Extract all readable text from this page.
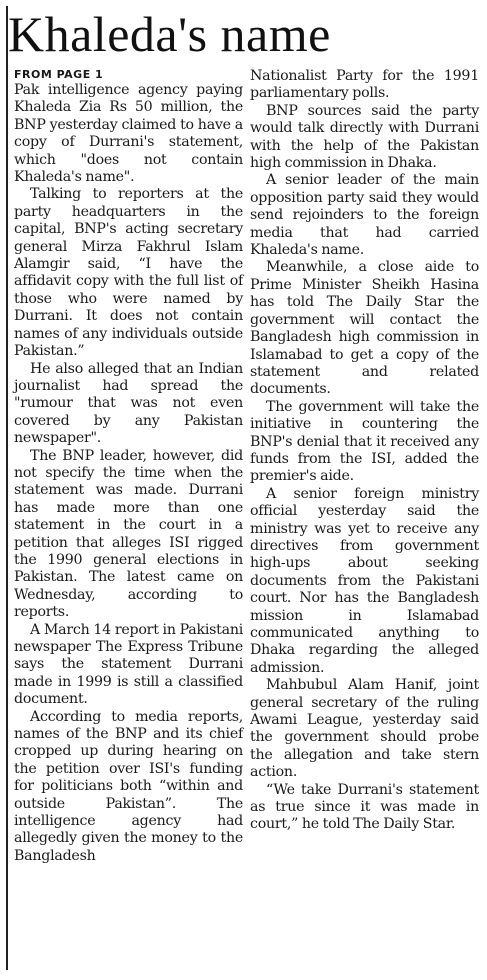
Khaleda's name
FROM PAGE 1

Pak intelligence agency paying Khaleda Zia Rs 50 million, the BNP yesterday claimed to have a copy of Durrani's statement, which "does not contain Khaleda's name".

Talking to reporters at the party headquarters in the capital, BNP's acting secretary general Mirza Fakhrul Islam Alamgir said, “I have the affidavit copy with the full list of those who were named by Durrani. It does not contain names of any individuals outside Pakistan.”

He also alleged that an Indian journalist had spread the "rumour that was not even covered by any Pakistan newspaper".

The BNP leader, however, did not specify the time when the statement was made. Durrani has made more than one statement in the court in a petition that alleges ISI rigged the 1990 general elections in Pakistan. The latest came on Wednesday, according to reports.

A March 14 report in Pakistani newspaper The Express Tribune says the statement Durrani made in 1999 is still a classified document.

According to media reports, names of the BNP and its chief cropped up during hearing on the petition over ISI's funding for politicians both “within and outside Pakistan”. The intelligence agency had allegedly given the money to the Bangladesh

Nationalist Party for the 1991 parliamentary polls.

BNP sources said the party would talk directly with Durrani with the help of the Pakistan high commission in Dhaka.

A senior leader of the main opposition party said they would send rejoinders to the foreign media that had carried Khaleda's name.

Meanwhile, a close aide to Prime Minister Sheikh Hasina has told The Daily Star the government will contact the Bangladesh high commission in Islamabad to get a copy of the statement and related documents.

The government will take the initiative in countering the BNP's denial that it received any funds from the ISI, added the premier's aide.

A senior foreign ministry official yesterday said the ministry was yet to receive any directives from government high-ups about seeking documents from the Pakistani court. Nor has the Bangladesh mission in Islamabad communicated anything to Dhaka regarding the alleged admission.

Mahbubul Alam Hanif, joint general secretary of the ruling Awami League, yesterday said the government should probe the allegation and take stern action.

“We take Durrani's statement as true since it was made in court,” he told The Daily Star.
